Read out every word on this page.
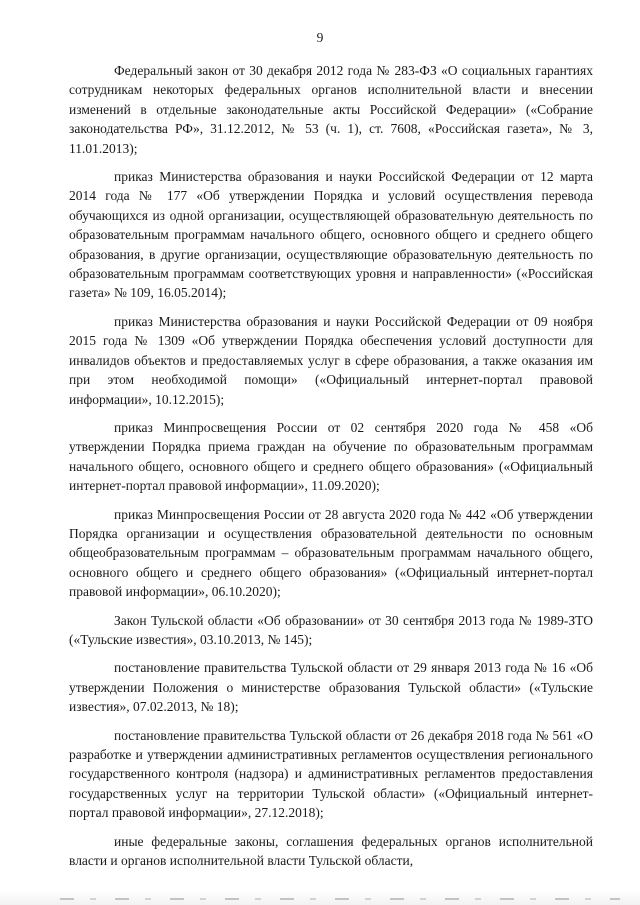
9

Федеральный закон от 30 декабря 2012 года № 283-ФЗ «О социальных гарантиях сотрудникам некоторых федеральных органов исполнительной власти и внесении изменений в отдельные законодательные акты Российской Федерации» («Собрание законодательства РФ», 31.12.2012, № 53 (ч. 1), ст. 7608, «Российская газета», № 3, 11.01.2013);

приказ Министерства образования и науки Российской Федерации от 12 марта 2014 года № 177 «Об утверждении Порядка и условий осуществления перевода обучающихся из одной организации, осуществляющей образовательную деятельность по образовательным программам начального общего, основного общего и среднего общего образования, в другие организации, осуществляющие образовательную деятельность по образовательным программам соответствующих уровня и направленности» («Российская газета» № 109, 16.05.2014);

приказ Министерства образования и науки Российской Федерации от 09 ноября 2015 года № 1309 «Об утверждении Порядка обеспечения условий доступности для инвалидов объектов и предоставляемых услуг в сфере образования, а также оказания им при этом необходимой помощи» («Официальный интернет-портал правовой информации», 10.12.2015);

приказ Минпросвещения России от 02 сентября 2020 года № 458 «Об утверждении Порядка приема граждан на обучение по образовательным программам начального общего, основного общего и среднего общего образования» («Официальный интернет-портал правовой информации», 11.09.2020);

приказ Минпросвещения России от 28 августа 2020 года № 442 «Об утверждении Порядка организации и осуществления образовательной деятельности по основным общеобразовательным программам – образовательным программам начального общего, основного общего и среднего общего образования» («Официальный интернет-портал правовой информации», 06.10.2020);

Закон Тульской области «Об образовании» от 30 сентября 2013 года № 1989-ЗТО («Тульские известия», 03.10.2013, № 145);

постановление правительства Тульской области от 29 января 2013 года № 16 «Об утверждении Положения о министерстве образования Тульской области» («Тульские известия», 07.02.2013, № 18);

постановление правительства Тульской области от 26 декабря 2018 года № 561 «О разработке и утверждении административных регламентов осуществления регионального государственного контроля (надзора) и административных регламентов предоставления государственных услуг на территории Тульской области» («Официальный интернет-портал правовой информации», 27.12.2018);

иные федеральные законы, соглашения федеральных органов исполнительной власти и органов исполнительной власти Тульской области,
